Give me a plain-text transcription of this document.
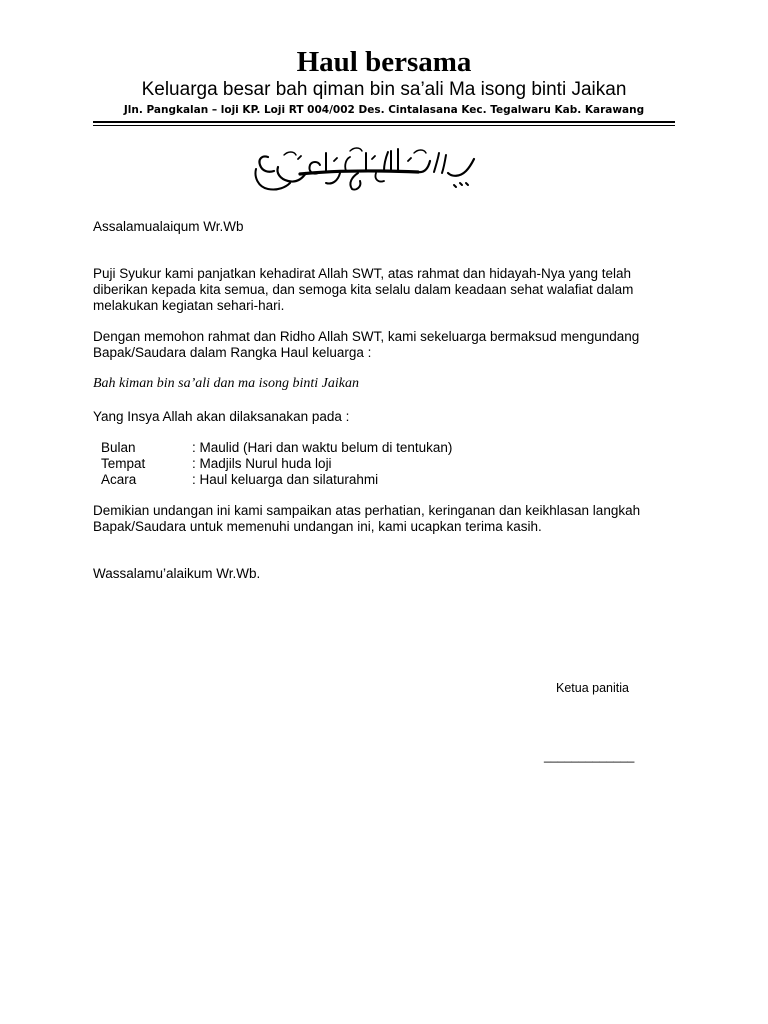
Haul bersama

Keluarga besar bah qiman bin sa’ali Ma isong binti Jaikan

Jln. Pangkalan – loji KP. Loji RT 004/002 Des. Cintalasana Kec. Tegalwaru Kab. Karawang

Assalamualaiqum Wr.Wb

Puji Syukur kami panjatkan kehadirat Allah SWT, atas rahmat dan hidayah-Nya yang telah
diberikan kepada kita semua, dan semoga kita selalu dalam keadaan sehat walafiat dalam
melakukan kegiatan sehari-hari.

Dengan memohon rahmat dan Ridho Allah SWT, kami sekeluarga bermaksud mengundang
Bapak/Saudara dalam Rangka Haul keluarga :

Bah kiman bin sa’ali dan ma isong binti Jaikan

Yang Insya Allah akan dilaksanakan pada :

Bulan	: Maulid (Hari dan waktu belum di tentukan)
Tempat	: Madjils Nurul huda loji
Acara	: Haul keluarga dan silaturahmi

Demikian undangan ini kami sampaikan atas perhatian, keringanan dan keikhlasan langkah
Bapak/Saudara untuk memenuhi undangan ini, kami ucapkan terima kasih.

Wassalamu’alaikum Wr.Wb.

Ketua panitia

_____________
